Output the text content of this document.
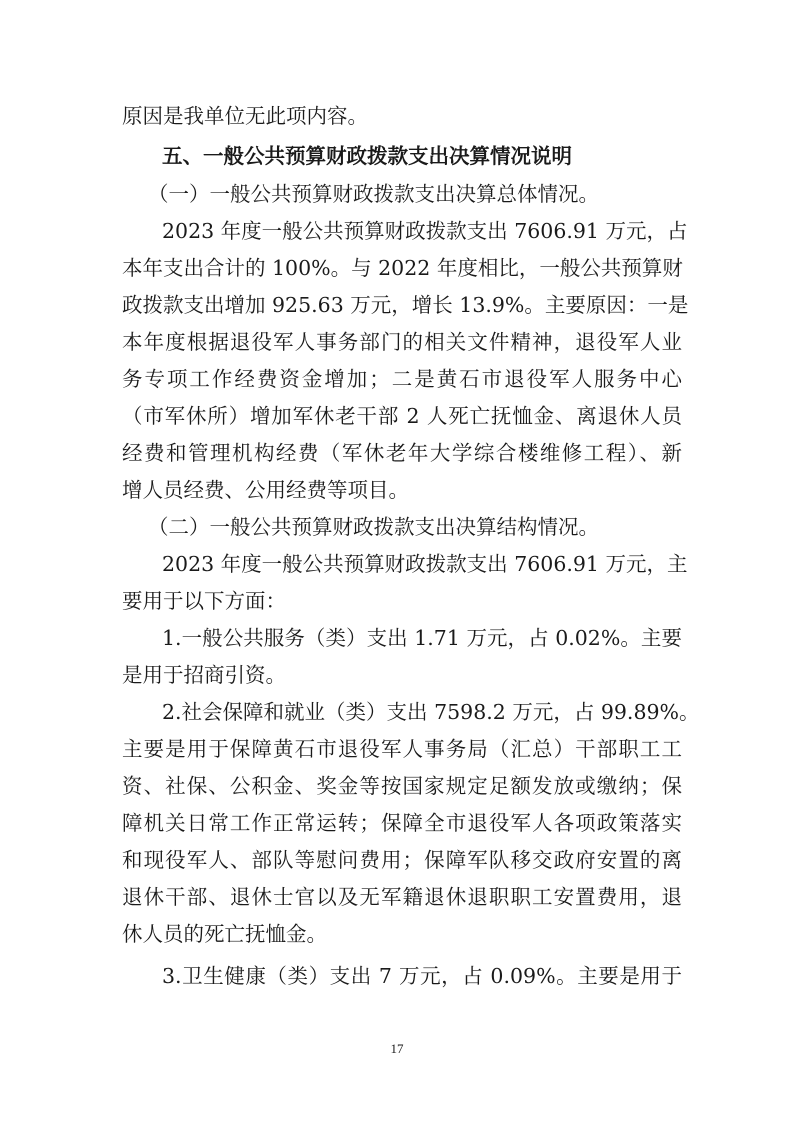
原因是我单位无此项内容。
五、一般公共预算财政拨款支出决算情况说明
（一）一般公共预算财政拨款支出决算总体情况。
2023 年度一般公共预算财政拨款支出 7606.91 万元，占
本年支出合计的 100%。与 2022 年度相比，一般公共预算财
政拨款支出增加 925.63 万元，增长 13.9%。主要原因：一是
本年度根据退役军人事务部门的相关文件精神，退役军人业
务专项工作经费资金增加；二是黄石市退役军人服务中心
（市军休所）增加军休老干部 2 人死亡抚恤金、离退休人员
经费和管理机构经费（军休老年大学综合楼维修工程）、新
增人员经费、公用经费等项目。
（二）一般公共预算财政拨款支出决算结构情况。
2023 年度一般公共预算财政拨款支出 7606.91 万元，主
要用于以下方面：
1.一般公共服务（类）支出 1.71 万元，占 0.02%。主要
是用于招商引资。
2.社会保障和就业（类）支出 7598.2 万元，占 99.89%。
主要是用于保障黄石市退役军人事务局（汇总）干部职工工
资、社保、公积金、奖金等按国家规定足额发放或缴纳；保
障机关日常工作正常运转；保障全市退役军人各项政策落实
和现役军人、部队等慰问费用；保障军队移交政府安置的离
退休干部、退休士官以及无军籍退休退职职工安置费用，退
休人员的死亡抚恤金。
3.卫生健康（类）支出 7 万元，占 0.09%。主要是用于
17
